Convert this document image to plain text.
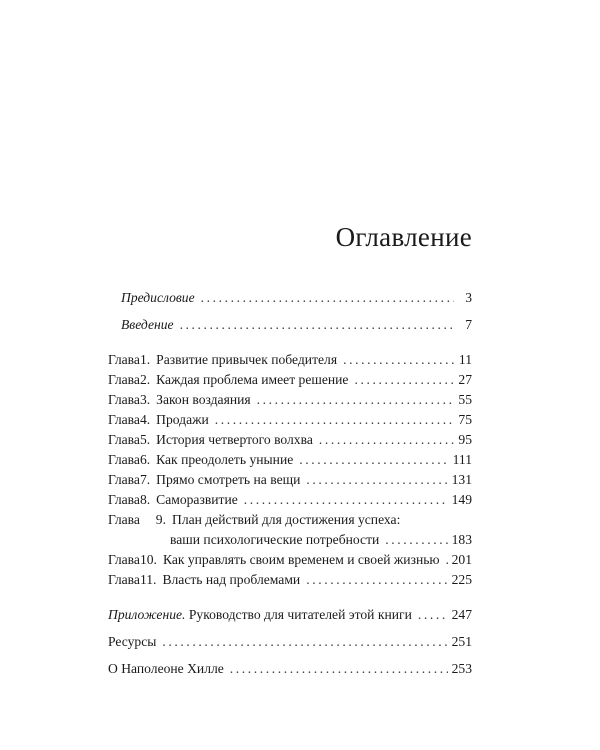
Оглавление
Предисловие .....	3
Введение .....	7
Глава 1. Развитие привычек победителя .....	11
Глава 2. Каждая проблема имеет решение .....	27
Глава 3. Закон воздаяния .....	55
Глава 4. Продажи .....	75
Глава 5. История четвертого волхва .....	95
Глава 6. Как преодолеть уныние .....	111
Глава 7. Прямо смотреть на вещи .....	131
Глава 8. Саморазвитие .....	149
Глава	9. План действий для достижения успеха:
ваши психологические потребности .....	183
Глава 10. Как управлять своим временем и своей жизнью ..... 201
Глава 11. Власть над проблемами .....	225
Приложение. Руководство для читателей этой книги .....	247
Ресурсы .....	251
О Наполеоне Хилле .....	253
